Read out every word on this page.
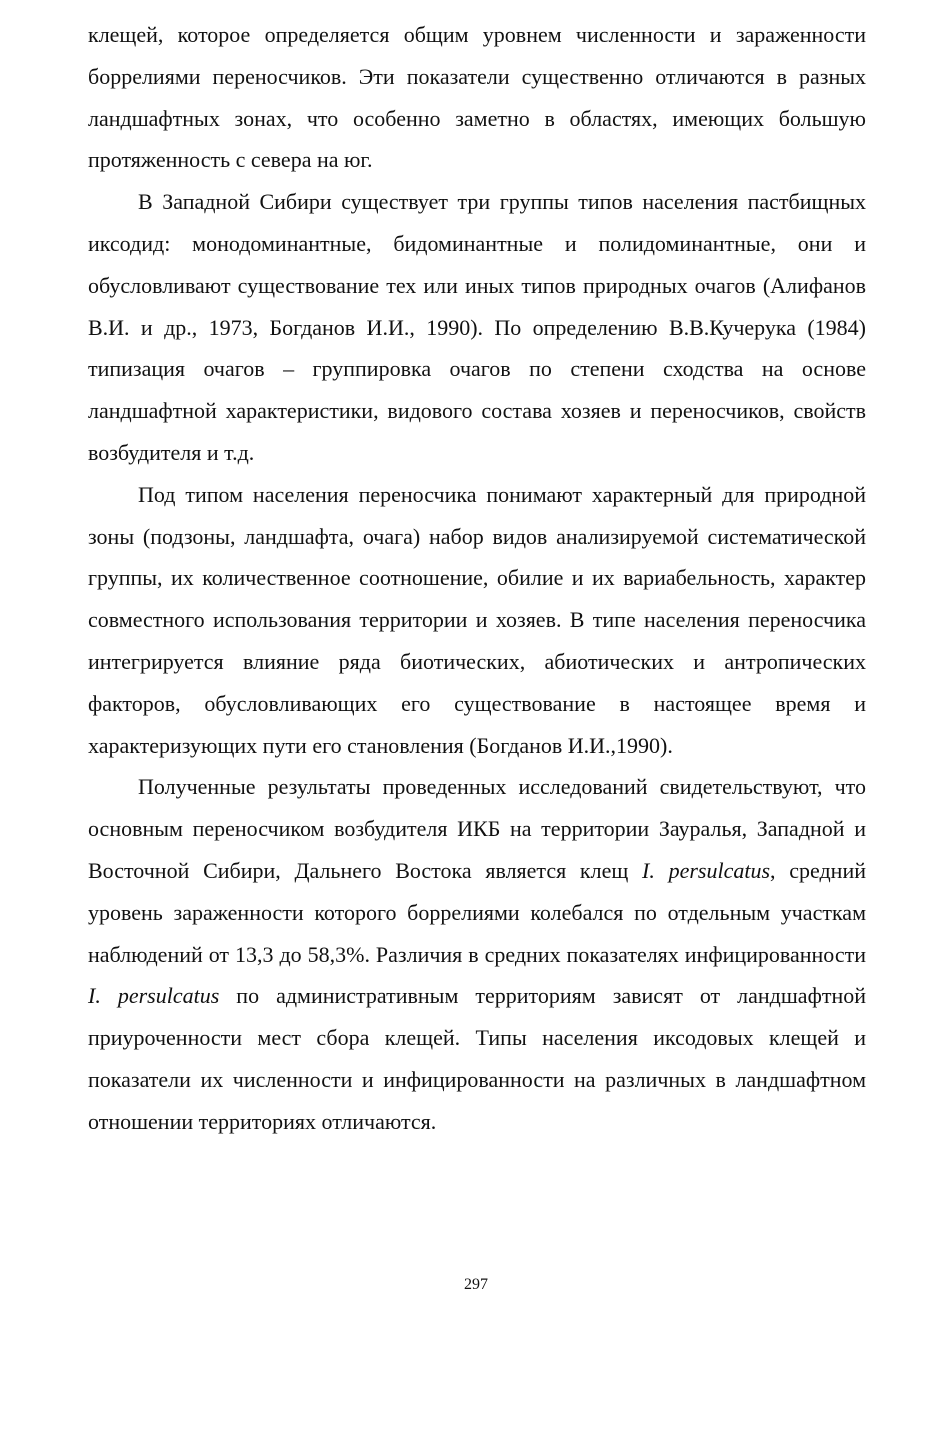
клещей, которое определяется общим уровнем численности и зараженности боррелиями переносчиков. Эти показатели существенно отличаются в разных ландшафтных зонах, что особенно заметно в областях, имеющих большую протяженность с севера на юг.

В Западной Сибири существует три группы типов населения пастбищных иксодид: монодоминантные, бидоминантные и полидоминантные, они и обусловливают существование тех или иных типов природных очагов (Алифанов В.И. и др., 1973, Богданов И.И., 1990). По определению В.В.Кучерука (1984) типизация очагов – группировка очагов по степени сходства на основе ландшафтной характеристики, видового состава хозяев и переносчиков, свойств возбудителя и т.д.

Под типом населения переносчика понимают характерный для природной зоны (подзоны, ландшафта, очага) набор видов анализируемой систематической группы, их количественное соотношение, обилие и их вариабельность, характер совместного использования территории и хозяев. В типе населения переносчика интегрируется влияние ряда биотических, абиотических и антропических факторов, обусловливающих его существование в настоящее время и характеризующих пути его становления (Богданов И.И.,1990).

Полученные результаты проведенных исследований свидетельствуют, что основным переносчиком возбудителя ИКБ на территории Зауралья, Западной и Восточной Сибири, Дальнего Востока является клещ I. persulcatus, средний уровень зараженности которого боррелиями колебался по отдельным участкам наблюдений от 13,3 до 58,3%. Различия в средних показателях инфицированности I. persulcatus по административным территориям зависят от ландшафтной приуроченности мест сбора клещей. Типы населения иксодовых клещей и показатели их численности и инфицированности на различных в ландшафтном отношении территориях отличаются.

297
